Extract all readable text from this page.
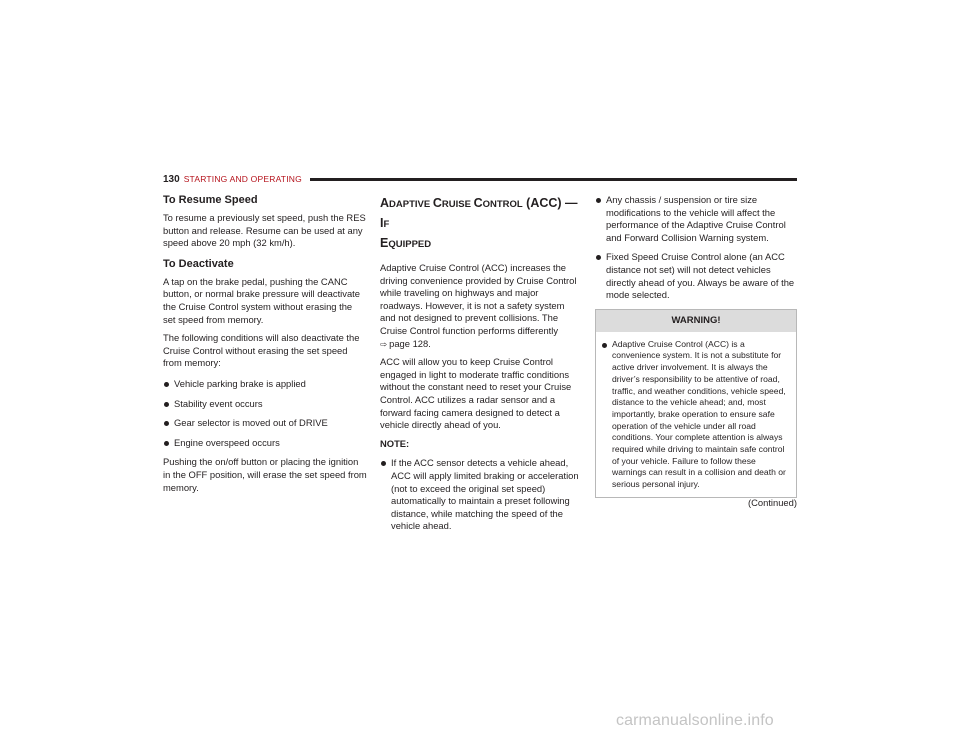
130 STARTING AND OPERATING
To Resume Speed

To resume a previously set speed, push the RES button and release. Resume can be used at any speed above 20 mph (32 km/h).

To Deactivate

A tap on the brake pedal, pushing the CANC button, or normal brake pressure will deactivate the Cruise Control system without erasing the set speed from memory.

The following conditions will also deactivate the Cruise Control without erasing the set speed from memory:

Vehicle parking brake is applied
Stability event occurs
Gear selector is moved out of DRIVE
Engine overspeed occurs

Pushing the on/off button or placing the ignition in the OFF position, will erase the set speed from memory.

ADAPTIVE CRUISE CONTROL (ACC) — IF
EQUIPPED

Adaptive Cruise Control (ACC) increases the driving convenience provided by Cruise Control while traveling on highways and major roadways. However, it is not a safety system and not designed to prevent collisions. The Cruise Control function performs differently
⇨ page 128.

ACC will allow you to keep Cruise Control engaged in light to moderate traffic conditions without the constant need to reset your Cruise Control. ACC utilizes a radar sensor and a forward facing camera designed to detect a vehicle directly ahead of you.

NOTE:
If the ACC sensor detects a vehicle ahead, ACC will apply limited braking or acceleration (not to exceed the original set speed) automatically to maintain a preset following distance, while matching the speed of the vehicle ahead.
Any chassis / suspension or tire size modifications to the vehicle will affect the performance of the Adaptive Cruise Control and Forward Collision Warning system.
Fixed Speed Cruise Control alone (an ACC distance not set) will not detect vehicles directly ahead of you. Always be aware of the mode selected.
WARNING!
Adaptive Cruise Control (ACC) is a convenience system. It is not a substitute for active driver involvement. It is always the driver’s responsibility to be attentive of road, traffic, and weather conditions, vehicle speed, distance to the vehicle ahead; and, most importantly, brake operation to ensure safe operation of the vehicle under all road conditions. Your complete attention is always required while driving to maintain safe control of your vehicle. Failure to follow these warnings can result in a collision and death or serious personal injury.
(Continued)
carmanualsonline.info
